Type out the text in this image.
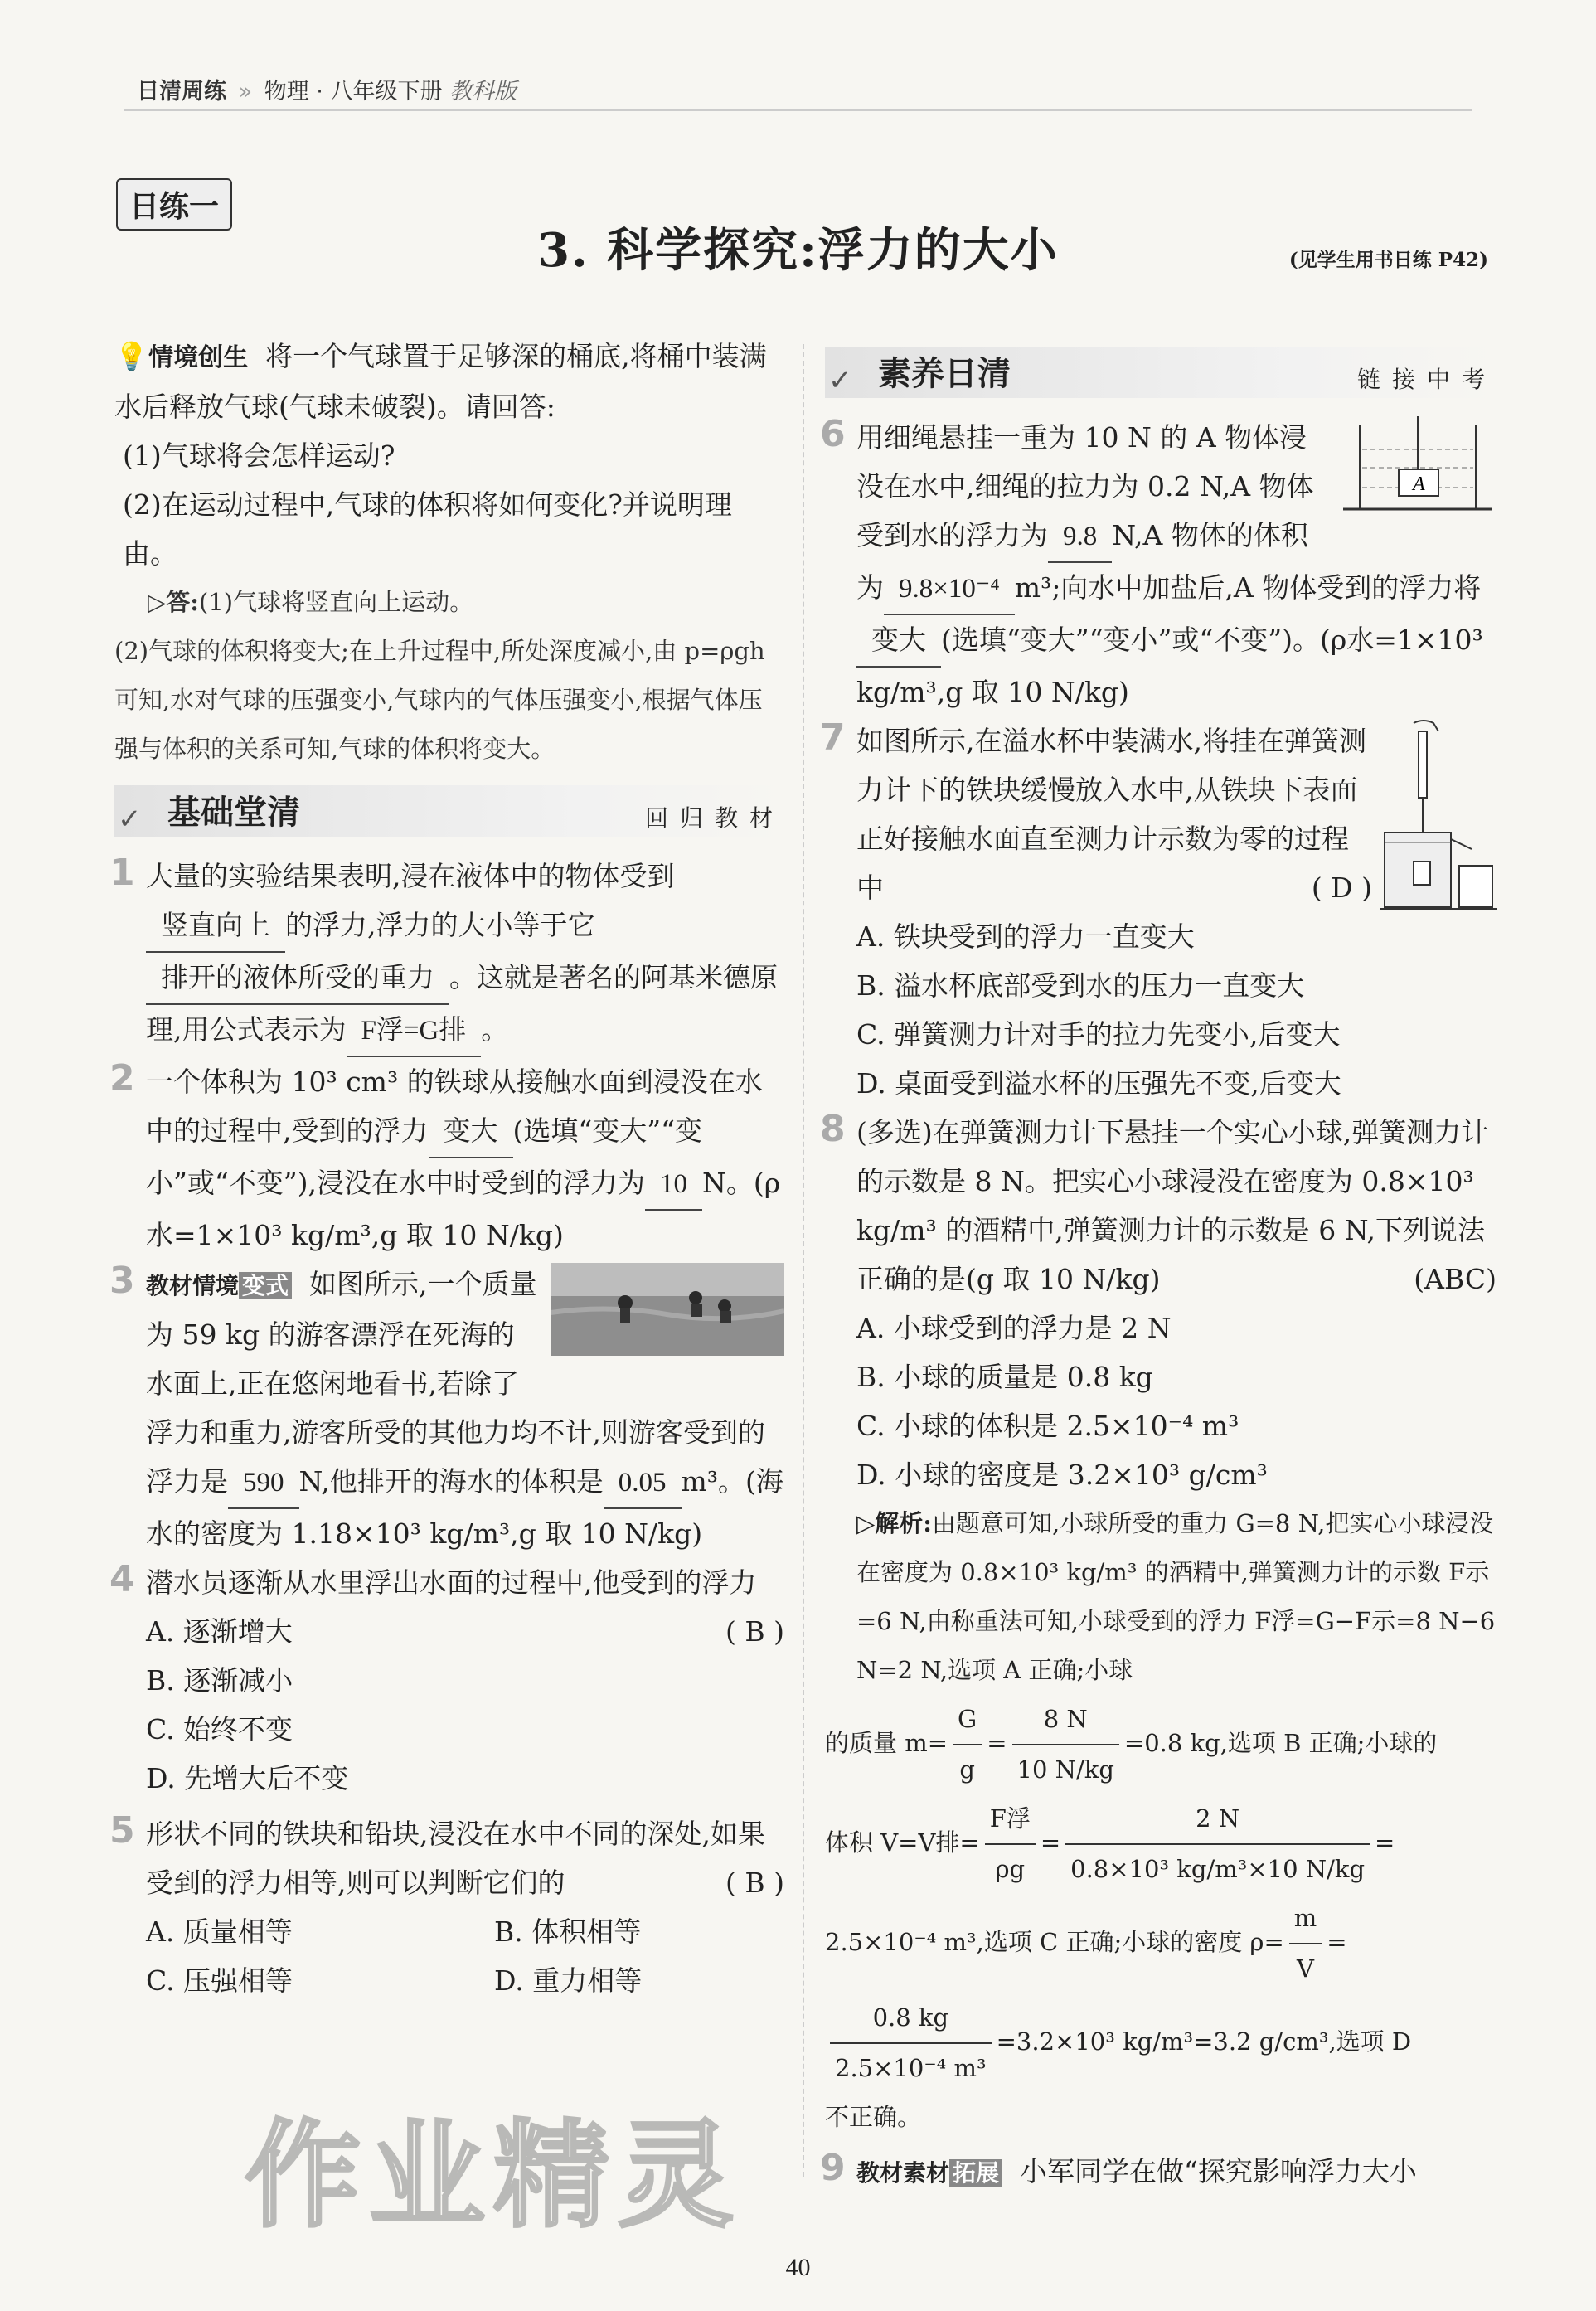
日清周练 » 物理 · 八年级下册 教科版
日练一
3. 科学探究:浮力的大小	(见学生用书日练 P42)

💡情境创生 将一个气球置于足够深的桶底,将桶中装满水后释放气球(气球未破裂)。请回答:

(1)气球将会怎样运动?

(2)在运动过程中,气球的体积将如何变化?并说明理由。

▷答:(1)气球将竖直向上运动。

(2)气球的体积将变大;在上升过程中,所处深度减小,由 p=ρgh 可知,水对气球的压强变小,气球内的气体压强变小,根据气体压强与体积的关系可知,气球的体积将变大。

✓ 基础堂清	回归教材
1 大量的实验结果表明,浸在液体中的物体受到竖直向上 的浮力,浮力的大小等于它排开的液体所受的重力 。这就是著名的阿基米德原理,用公式表示为 F浮=G排 。
2 一个体积为 10³ cm³ 的铁球从接触水面到浸没在水中的过程中,受到的浮力 变大 (选填“变大”“变小”或“不变”),浸没在水中时受到的浮力为 10 N。(ρ水=1×10³ kg/m³,g 取 10 N/kg)
3 教材情境 变式 如图所示,一个质量为 59 kg 的游客漂浮在死海的水面上,正在悠闲地看书,若除了浮力和重力,游客所受的其他力均不计,则游客受到的浮力是 590 N,他排开的海水的体积是 0.05 m³。(海水的密度为 1.18×10³ kg/m³,g 取 10 N/kg)
4 潜水员逐渐从水里浮出水面的过程中,他受到的浮力
( B )

A. 逐渐增大

B. 逐渐减小

C. 始终不变

D. 先增大后不变

5 形状不同的铁块和铅块,浸没在水中不同的深处,如果受到的浮力相等,则可以判断它们的	( B )

A. 质量相等	B. 体积相等

C. 压强相等	D. 重力相等

✓ 素养日清	链接中考
6
A
用细绳悬挂一重为 10 N 的 A 物体浸没在水中,细绳的拉力为 0.2 N,A 物体受到水的浮力为 9.8 N,A 物体的体积为 9.8×10⁻⁴ m³;向水中加盐后,A 物体受到的浮力将变大 (选填“变大”“变小”或“不变”)。(ρ水=1×10³ kg/m³,g 取 10 N/kg)
7 如图所示,在溢水杯中装满水,将挂在弹簧测力计下的铁块缓慢放入水中,从铁块下表面正好接触水面直至测力计示数为零的过程中	( D )

A. 铁块受到的浮力一直变大

B. 溢水杯底部受到水的压力一直变大

C. 弹簧测力计对手的拉力先变小,后变大

D. 桌面受到溢水杯的压强先不变,后变大

8 (多选)在弹簧测力计下悬挂一个实心小球,弹簧测力计的示数是 8 N。把实心小球浸没在密度为 0.8×10³ kg/m³ 的酒精中,弹簧测力计的示数是 6 N,下列说法正确的是(g 取 10 N/kg)	(ABC)

A. 小球受到的浮力是 2 N

B. 小球的质量是 0.8 kg

C. 小球的体积是 2.5×10⁻⁴ m³

D. 小球的密度是 3.2×10³ g/cm³

▷解析:由题意可知,小球所受的重力 G=8 N,把实心小球浸没在密度为 0.8×10³ kg/m³ 的酒精中,弹簧测力计的示数 F示=6 N,由称重法可知,小球受到的浮力 F浮=G−F示=8 N−6 N=2 N,选项 A 正确;小球

的质量 $m= \frac{G}{g} = \frac{8 N}{10 N/kg} =0.8$ kg,选项 B 正确;小球的

体积 V=V排= $\frac{\text{F浮}}{\rho g} = \frac{2 N}{\text{0.8×10³ kg/m³×10 N/kg}}$ =

2.5×10⁻⁴ m³,选项 C 正确;小球的密度 $\rho= \frac{m}{V}$ =

$\frac{0.8 kg}{\text{2.5×10⁻⁴ m³}} =3.2\times 10^3$ kg/m³=3.2 g/cm³,选项 D

不正确。

9 教材素材 拓展 小军同学在做“探究影响浮力大小
作业精灵
40
